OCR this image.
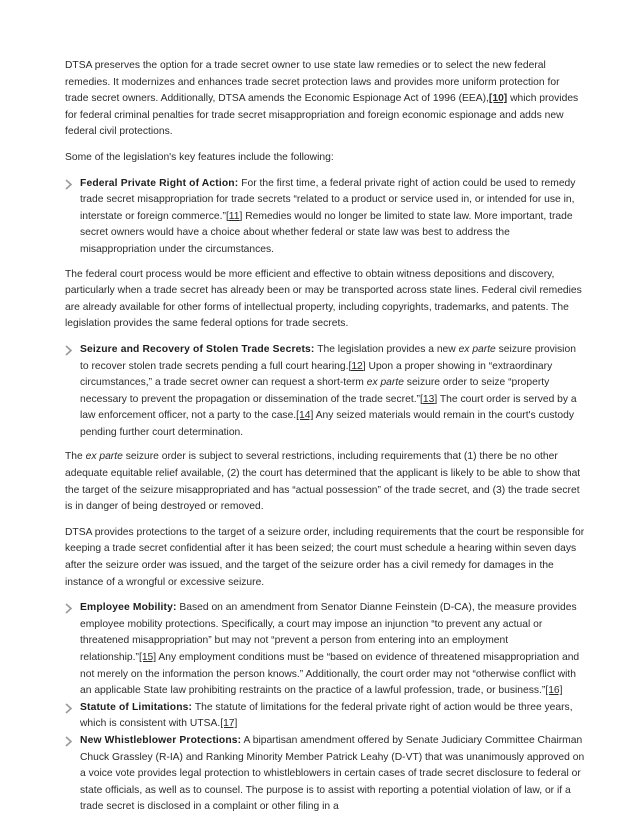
DTSA preserves the option for a trade secret owner to use state law remedies or to select the new federal remedies. It modernizes and enhances trade secret protection laws and provides more uniform protection for trade secret owners. Additionally, DTSA amends the Economic Espionage Act of 1996 (EEA),[10] which provides for federal criminal penalties for trade secret misappropriation and foreign economic espionage and adds new federal civil protections.

Some of the legislation's key features include the following:

Federal Private Right of Action: For the first time, a federal private right of action could be used to remedy trade secret misappropriation for trade secrets “related to a product or service used in, or intended for use in, interstate or foreign commerce.”[11] Remedies would no longer be limited to state law. More important, trade secret owners would have a choice about whether federal or state law was best to address the misappropriation under the circumstances.

The federal court process would be more efficient and effective to obtain witness depositions and discovery, particularly when a trade secret has already been or may be transported across state lines. Federal civil remedies are already available for other forms of intellectual property, including copyrights, trademarks, and patents. The legislation provides the same federal options for trade secrets.

Seizure and Recovery of Stolen Trade Secrets: The legislation provides a new ex parte seizure provision to recover stolen trade secrets pending a full court hearing.[12] Upon a proper showing in “extraordinary circumstances,” a trade secret owner can request a short-term ex parte seizure order to seize “property necessary to prevent the propagation or dissemination of the trade secret.”[13] The court order is served by a law enforcement officer, not a party to the case.[14] Any seized materials would remain in the court's custody pending further court determination.

The ex parte seizure order is subject to several restrictions, including requirements that (1) there be no other adequate equitable relief available, (2) the court has determined that the applicant is likely to be able to show that the target of the seizure misappropriated and has “actual possession” of the trade secret, and (3) the trade secret is in danger of being destroyed or removed.

DTSA provides protections to the target of a seizure order, including requirements that the court be responsible for keeping a trade secret confidential after it has been seized; the court must schedule a hearing within seven days after the seizure order was issued, and the target of the seizure order has a civil remedy for damages in the instance of a wrongful or excessive seizure.

Employee Mobility: Based on an amendment from Senator Dianne Feinstein (D-CA), the measure provides employee mobility protections. Specifically, a court may impose an injunction “to prevent any actual or threatened misappropriation” but may not “prevent a person from entering into an employment relationship.”[15] Any employment conditions must be “based on evidence of threatened misappropriation and not merely on the information the person knows.” Additionally, the court order may not “otherwise conflict with an applicable State law prohibiting restraints on the practice of a lawful profession, trade, or business.”[16]
Statute of Limitations: The statute of limitations for the federal private right of action would be three years, which is consistent with UTSA.[17]
New Whistleblower Protections: A bipartisan amendment offered by Senate Judiciary Committee Chairman Chuck Grassley (R-IA) and Ranking Minority Member Patrick Leahy (D-VT) that was unanimously approved on a voice vote provides legal protection to whistleblowers in certain cases of trade secret disclosure to federal or state officials, as well as to counsel. The purpose is to assist with reporting a potential violation of law, or if a trade secret is disclosed in a complaint or other filing in a
